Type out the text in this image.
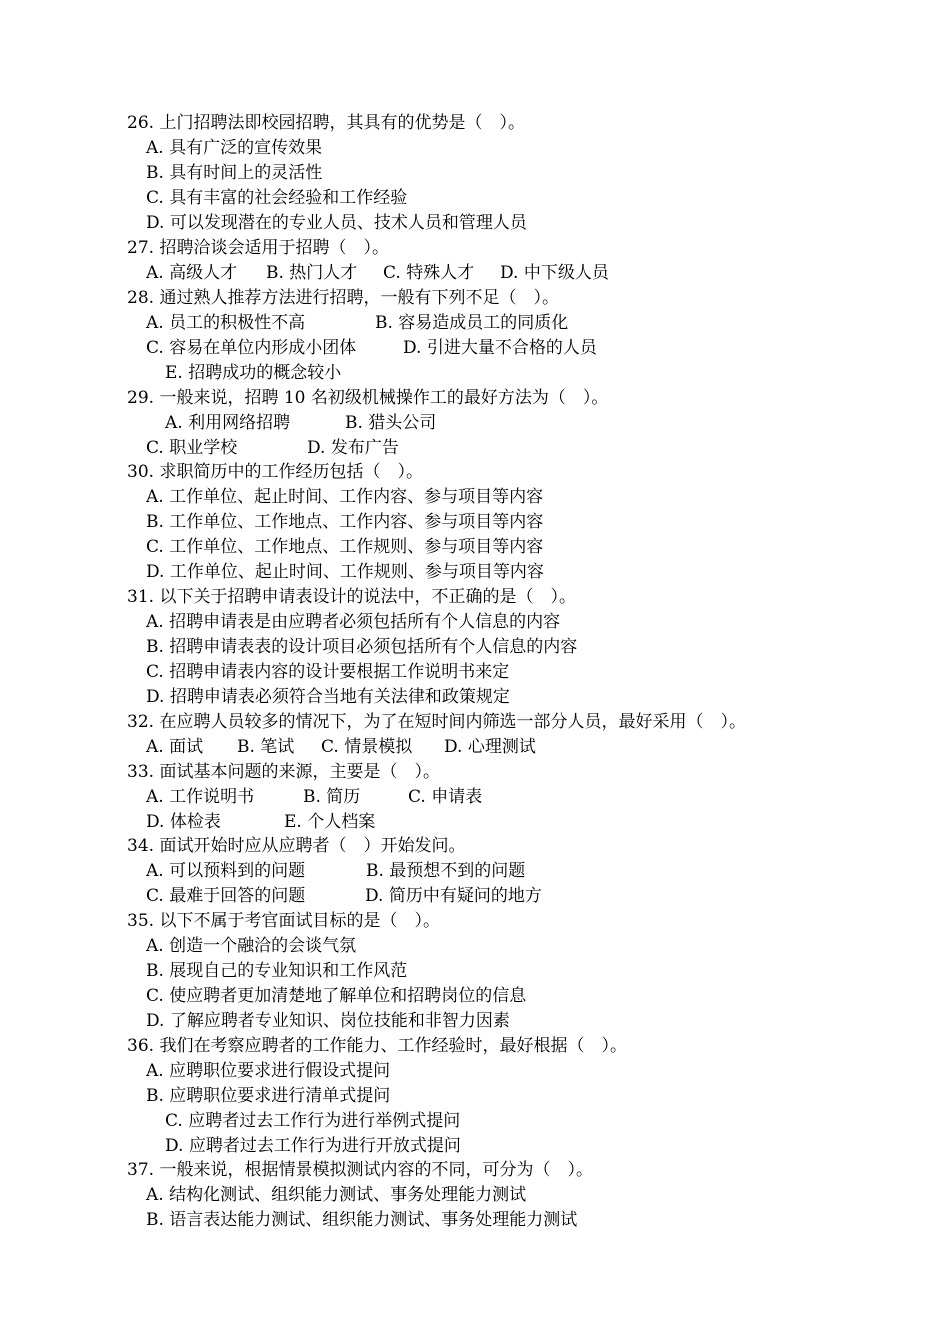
26. 上门招聘法即校园招聘，其具有的优势是（　）。
A. 具有广泛的宣传效果
B. 具有时间上的灵活性
C. 具有丰富的社会经验和工作经验
D. 可以发现潜在的专业人员、技术人员和管理人员
27. 招聘洽谈会适用于招聘（　）。

A. 高级人才

B. 热门人才

C. 特殊人才

D. 中下级人员

28. 通过熟人推荐方法进行招聘，一般有下列不足（　）。

A. 员工的积极性不高

	B. 容易造成员工的同质化

C. 容易在单位内形成小团体

	D. 引进大量不合格的人员

E. 招聘成功的概念较小
29. 一般来说，招聘 10 名初级机械操作工的最好方法为（　）。

A. 利用网络招聘

	B. 猎头公司

C. 职业学校

	D. 发布广告

30. 求职简历中的工作经历包括（　）。
A. 工作单位、起止时间、工作内容、参与项目等内容
B. 工作单位、工作地点、工作内容、参与项目等内容
C. 工作单位、工作地点、工作规则、参与项目等内容
D. 工作单位、起止时间、工作规则、参与项目等内容
31. 以下关于招聘申请表设计的说法中，不正确的是（　）。
A. 招聘申请表是由应聘者必须包括所有个人信息的内容
B. 招聘申请表表的设计项目必须包括所有个人信息的内容
C. 招聘申请表内容的设计要根据工作说明书来定
D. 招聘申请表必须符合当地有关法律和政策规定
32. 在应聘人员较多的情况下，为了在短时间内筛选一部分人员，最好采用（　）。

A. 面试

B. 笔试

C. 情景模拟

D. 心理测试

33. 面试基本问题的来源，主要是（　）。

A. 工作说明书

	B. 简历

	C. 申请表

D. 体检表

	E. 个人档案

34. 面试开始时应从应聘者（　）开始发问。

A. 可以预料到的问题

	B. 最预想不到的问题

C. 最难于回答的问题

	D. 简历中有疑问的地方

35. 以下不属于考官面试目标的是（　）。
A. 创造一个融洽的会谈气氛
B. 展现自己的专业知识和工作风范
C. 使应聘者更加清楚地了解单位和招聘岗位的信息
D. 了解应聘者专业知识、岗位技能和非智力因素
36. 我们在考察应聘者的工作能力、工作经验时，最好根据（　）。
A. 应聘职位要求进行假设式提问
B. 应聘职位要求进行清单式提问
C. 应聘者过去工作行为进行举例式提问
D. 应聘者过去工作行为进行开放式提问
37. 一般来说，根据情景模拟测试内容的不同，可分为（　）。
A. 结构化测试、组织能力测试、事务处理能力测试
B. 语言表达能力测试、组织能力测试、事务处理能力测试
